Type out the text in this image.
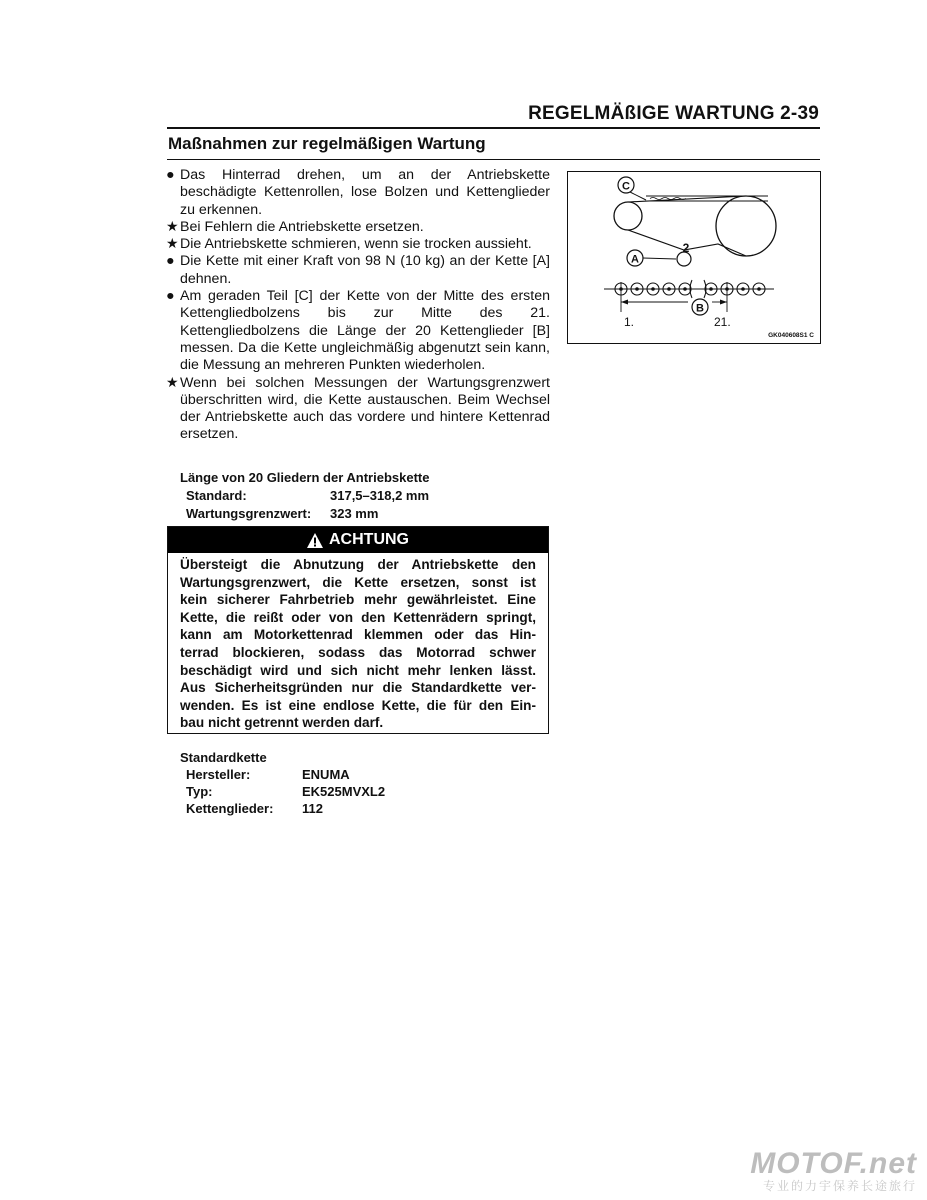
REGELMÄßIGE WARTUNG 2-39
Maßnahmen zur regelmäßigen Wartung
● Das Hinterrad drehen, um an der Antriebskette beschädigte Kettenrollen, lose Bolzen und Kettenglieder zu erkennen.
★ Bei Fehlern die Antriebskette ersetzen.
★ Die Antriebskette schmieren, wenn sie trocken aussieht.
● Die Kette mit einer Kraft von 98 N (10 kg) an der Kette [A] dehnen.
● Am geraden Teil [C] der Kette von der Mitte des ersten Kettengliedbolzens bis zur Mitte des 21. Kettengliedbolzens die Länge der 20 Kettenglieder [B] messen. Da die Kette ungleichmäßig abgenutzt sein kann, die Messung an mehreren Punkten wiederholen.
★ Wenn bei solchen Messungen der Wartungsgrenzwert überschritten wird, die Kette austauschen. Beim Wechsel der Antriebskette auch das vordere und hintere Kettenrad ersetzen.
Länge von 20 Gliedern der Antriebskette
Standard:	317,5–318,2 mm
Wartungsgrenzwert:	323 mm
ACHTUNG
Übersteigt die Abnutzung der Antriebskette den
Wartungsgrenzwert, die Kette ersetzen, sonst ist
kein sicherer Fahrbetrieb mehr gewährleistet. Eine
Kette, die reißt oder von den Kettenrädern springt,
kann am Motorkettenrad klemmen oder das Hin-
terrad blockieren, sodass das Motorrad schwer
beschädigt wird und sich nicht mehr lenken lässt.
Aus Sicherheitsgründen nur die Standardkette ver-
wenden. Es ist eine endlose Kette, die für den Ein-
bau nicht getrennt werden darf.
Standardkette
Hersteller:	ENUMA
Typ:	EK525MVXL2
Kettenglieder:	112
C
2
A
B
1.	21.
GK040608S1 C
MOTOF.net
专业的力宇保养长途旅行
